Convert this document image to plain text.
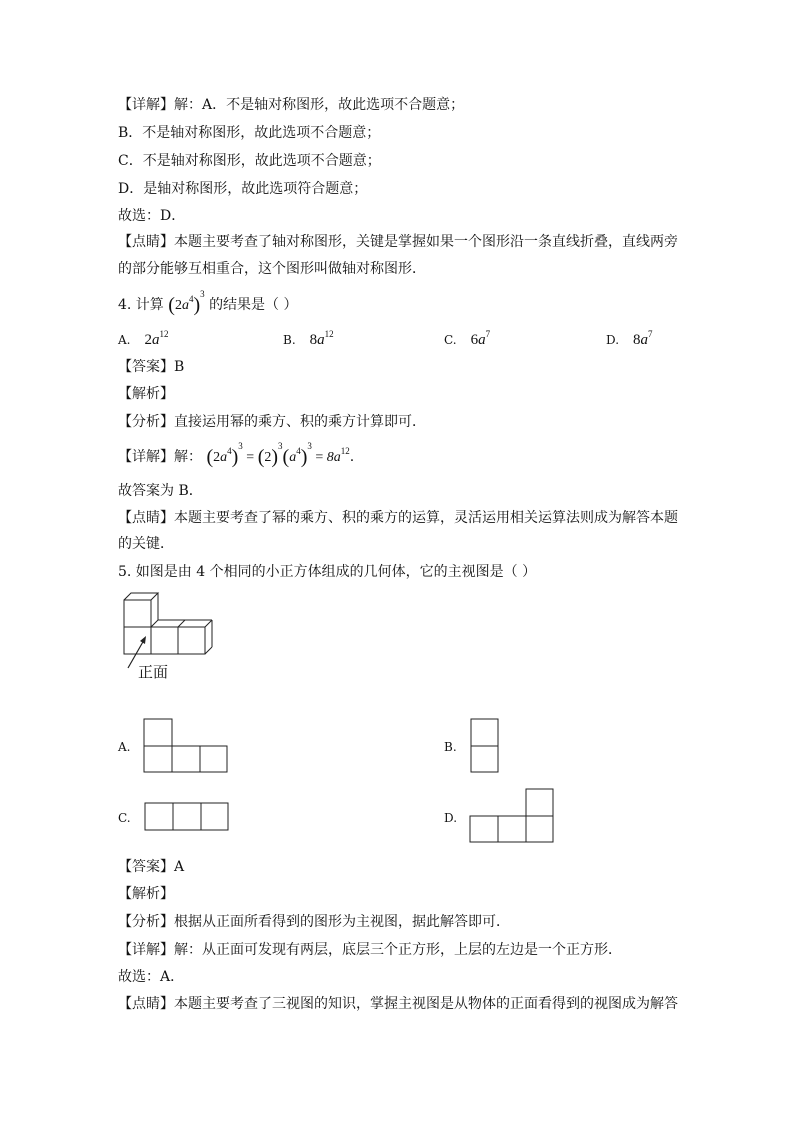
【详解】解：A．不是轴对称图形，故此选项不合题意；
B．不是轴对称图形，故此选项不合题意；
C．不是轴对称图形，故此选项不合题意；
D．是轴对称图形，故此选项符合题意；
故选：D．
【点睛】本题主要考查了轴对称图形，关键是掌握如果一个图形沿一条直线折叠，直线两旁
的部分能够互相重合，这个图形叫做轴对称图形．
4. 计算 $(2a^4)^3$ 的结果是（ ）
A. $2a^{12}$	B. $8a^{12}$	C. $6a^7$	D. $8a^7$
【答案】B
【解析】
【分析】直接运用幂的乘方、积的乘方计算即可．
【详解】解： $(2a^4)^3 = (2)^3(a^4)^3 = 8a^{12}$.
故答案为 B．
【点睛】本题主要考查了幂的乘方、积的乘方的运算，灵活运用相关运算法则成为解答本题
的关键．
5. 如图是由 4 个相同的小正方体组成的几何体，它的主视图是（ ）
正面
A.	B.
C.	D.
【答案】A
【解析】
【分析】根据从正面所看得到的图形为主视图，据此解答即可．
【详解】解：从正面可发现有两层，底层三个正方形，上层的左边是一个正方形．
故选：A．
【点睛】本题主要考查了三视图的知识，掌握主视图是从物体的正面看得到的视图成为解答
